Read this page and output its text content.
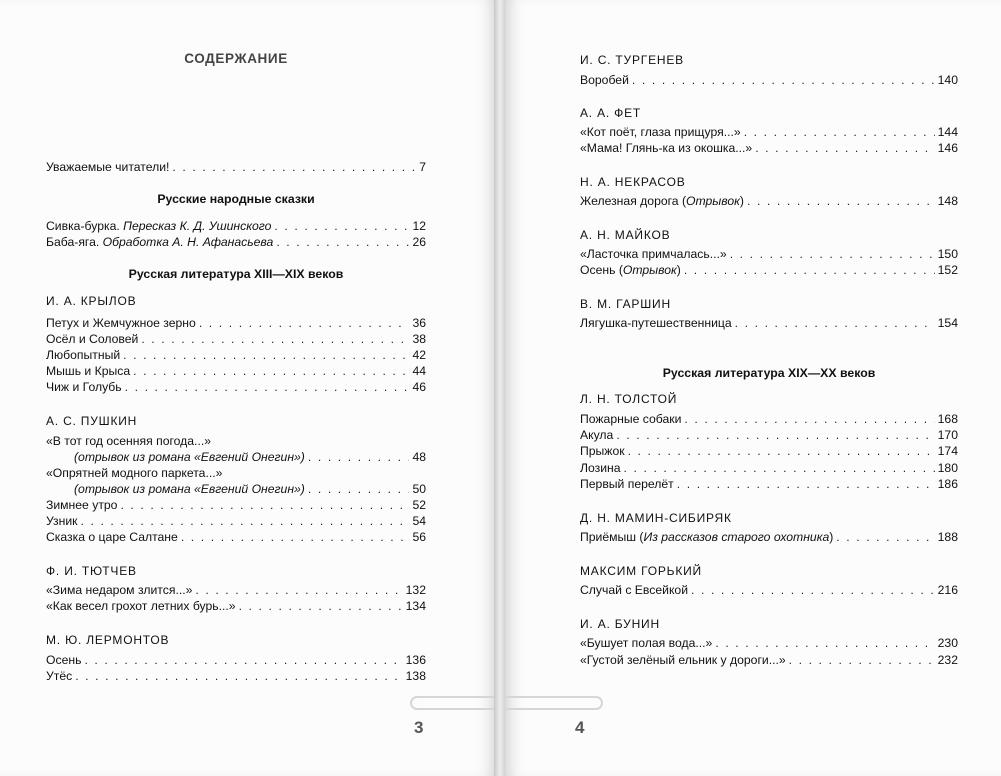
СОДЕРЖАНИЕ
Уважаемые читатели! . . .	7
Русские народные сказки
Сивка-бурка. Пересказ К. Д. Ушинского . . .	12
Баба-яга. Обработка А. Н. Афанасьева . . .	26
Русская литература XIII—XIX веков
И. А. КРЫЛОВ
Петух и Жемчужное зерно . . .	36
Осёл и Соловей . . .	38
Любопытный . . .	42
Мышь и Крыса . . .	44
Чиж и Голубь . . .	46
А. С. ПУШКИН
«В тот год осенняя погода...»
(отрывок из романа «Евгений Онегин») . . .	48
«Опрятней модного паркета...»
(отрывок из романа «Евгений Онегин») . . .	50
Зимнее утро . . .	52
Узник . . .	54
Сказка о царе Салтане . . .	56
Ф. И. ТЮТЧЕВ
«Зима недаром злится...» . . .	132
«Как весел грохот летних бурь...» . . .	134
М. Ю. ЛЕРМОНТОВ
Осень . . .	136
Утёс . . .	138
3
И. С. ТУРГЕНЕВ
Воробей . . .	140
А. А. ФЕТ
«Кот поёт, глаза прищуря...» . . .	144
«Мама! Глянь-ка из окошка...» . . .	146
Н. А. НЕКРАСОВ
Железная дорога (Отрывок) . . .	148
А. Н. МАЙКОВ
«Ласточка примчалась...» . . .	150
Осень (Отрывок) . . .	152
В. М. ГАРШИН
Лягушка-путешественница . . .	154
Русская литература XIX—XX веков
Л. Н. ТОЛСТОЙ
Пожарные собаки . . .	168
Акула . . .	170
Прыжок . . .	174
Лозина . . .	180
Первый перелёт . . .	186
Д. Н. МАМИН-СИБИРЯК
Приёмыш (Из рассказов старого охотника) . . .	188
МАКСИМ ГОРЬКИЙ
Случай с Евсейкой . . .	216
И. А. БУНИН
«Бушует полая вода...» . . .	230
«Густой зелёный ельник у дороги...» . . .	232
4
